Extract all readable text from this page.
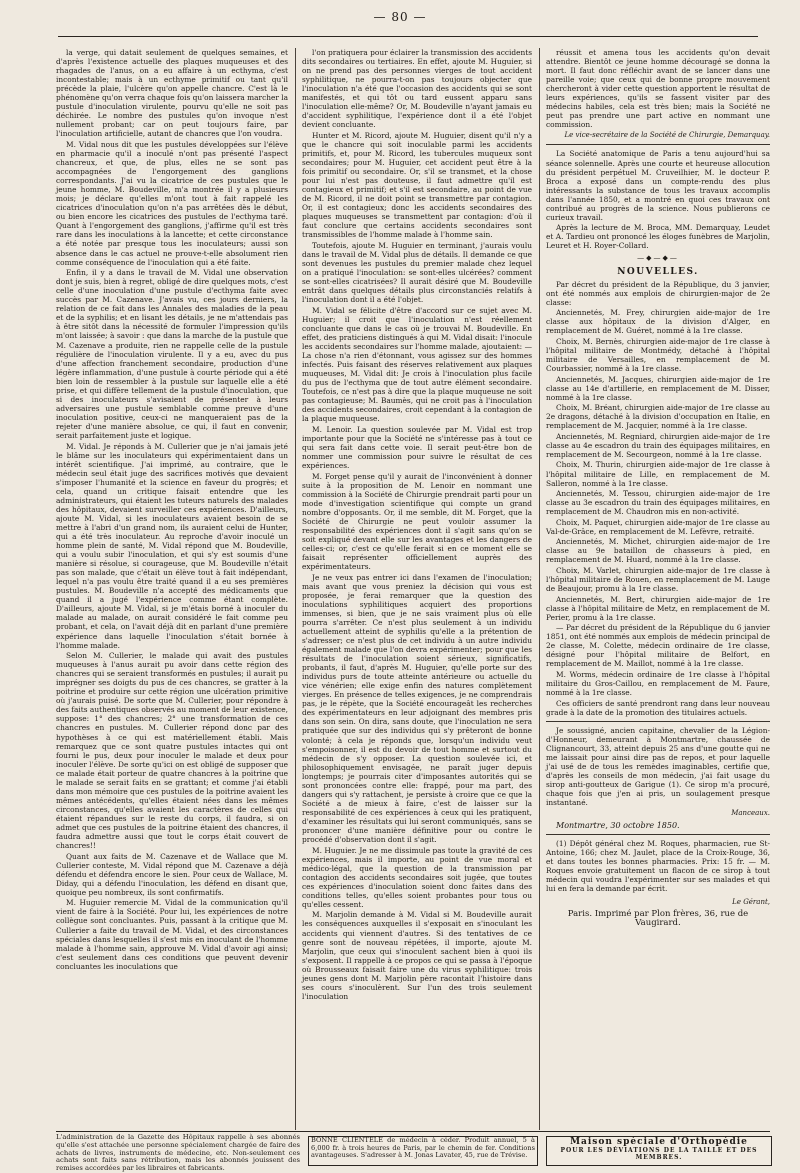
— 80 —

la verge, qui datait seulement de quelques semaines, et d'après l'existence actuelle des plaques muqueuses et des rhagades de l'anus, on a eu affaire à un ecthyma, c'est incontestable; mais à un ecthyme primitif ou tant qu'il précède la plaie, l'ulcère qu'on appelle chancre. C'est là le phénomène qu'on verra chaque fois qu'on laissera marcher la pustule d'inoculation virulente, pourvu qu'elle ne soit pas déchirée. Le nombre des pustules qu'on invoque n'est nullement probant; car on peut toujours faire, par l'inoculation artificielle, autant de chancres que l'on voudra.

M. Vidal nous dit que les pustules développées sur l'élève en pharmacie qu'il a inoculé n'ont pas présenté l'aspect chancreux, et que, de plus, elles ne se sont pas accompagnées de l'engorgement des ganglions correspondants. J'ai vu la cicatrice de ces pustules que le jeune homme, M. Boudeville, m'a montrée il y a plusieurs mois; je déclare qu'elles m'ont tout à fait rappelé les cicatrices d'inoculation qu'on n'a pas arrêtées dès le début, ou bien encore les cicatrices des pustules de l'ecthyma taré. Quant à l'engorgement des ganglions, j'affirme qu'il est très rare dans les inoculations à la lancette; et cette circonstance a été notée par presque tous les inoculateurs; aussi son absence dans le cas actuel ne prouve-t-elle absolument rien comme conséquence de l'inoculation qui a été faite.

Enfin, il y a dans le travail de M. Vidal une observation dont je suis, bien à regret, obligé de dire quelques mots, c'est celle d'une inoculation d'une pustule d'ecthyma faite avec succès par M. Cazenave. J'avais vu, ces jours derniers, la relation de ce fait dans les Annales des maladies de la peau et de la syphilis; et en lisant les détails, je ne m'attendais pas à être sitôt dans la nécessité de formuler l'impression qu'ils m'ont laissée; à savoir : que dans la marche de la pustule que M. Cazenave a produite, rien ne rappelle celle de la pustule régulière de l'inoculation virulente. Il y a eu, avec du pus d'une affection franchement secondaire, production d'une légère inflammation, d'une pustule à courte période qui a été bien loin de ressembler à la pustule sur laquelle elle a été prise, et qui diffère tellement de la pustule d'inoculation, que si des inoculateurs s'avisaient de présenter à leurs adversaires une pustule semblable comme preuve d'une inoculation positive, ceux-ci ne manqueraient pas de la rejeter d'une manière absolue, ce qui, il faut en convenir, serait parfaitement juste et logique.

M. Vidal. Je réponds à M. Cullerier que je n'ai jamais jeté le blâme sur les inoculateurs qui expérimentaient dans un intérêt scientifique. J'ai imprimé, au contraire, que le médecin seul était juge des sacrifices motivés que devaient s'imposer l'humanité et la science en faveur du progrès; et cela, quand un critique faisait entendre que les administrateurs, qui étaient les tuteurs naturels des malades des hôpitaux, devaient surveiller ces expériences. D'ailleurs, ajoute M. Vidal, si les inoculateurs avaient besoin de se mettre à l'abri d'un grand nom, ils auraient celui de Hunter, qui a été très inoculateur. Au reproche d'avoir inoculé un homme plein de santé, M. Vidal répond que M. Boudeville, qui a voulu subir l'inoculation, et qui s'y est soumis d'une manière si résolue, si courageuse, que M. Boudeville n'était pas son malade, que c'était un élève tout à fait indépendant, lequel n'a pas voulu être traité quand il a eu ses premières pustules. M. Boudeville n'a accepté des médicaments que quand il a jugé l'expérience comme étant complète. D'ailleurs, ajoute M. Vidal, si je m'étais borné à inoculer du malade au malade, on aurait considéré le fait comme peu probant, et cela, on l'avait déjà dit en parlant d'une première expérience dans laquelle l'inoculation s'était bornée à l'homme malade.

Selon M. Cullerier, le malade qui avait des pustules muqueuses à l'anus aurait pu avoir dans cette région des chancres qui se seraient transformés en pustules; il aurait pu imprégner ses doigts du pus de ces chancres, se gratter à la poitrine et produire sur cette région une ulcération primitive où j'aurais puisé. De sorte que M. Cullerier, pour répondre à des faits authentiques observés au moment de leur existence, suppose: 1° des chancres; 2° une transformation de ces chancres en pustules. M. Cullerier répond donc par des hypothèses à ce qui est matériellement établi. Mais remarquez que ce sont quatre pustules intactes qui ont fourni le pus, deux pour inoculer le malade et deux pour inoculer l'élève. De sorte qu'ici on est obligé de supposer que ce malade était porteur de quatre chancres à la poitrine que le malade se serait faits en se grattant; et comme j'ai établi dans mon mémoire que ces pustules de la poitrine avaient les mêmes antécédents, qu'elles étaient nées dans les mêmes circonstances, qu'elles avaient les caractères de celles qui étaient répandues sur le reste du corps, il faudra, si on admet que ces pustules de la poitrine étaient des chancres, il faudra admettre aussi que tout le corps était couvert de chancres!!

Quant aux faits de M. Cazenave et de Wallace que M. Cullerier conteste, M. Vidal répond que M. Cazenave a déjà défendu et défendra encore le sien. Pour ceux de Wallace, M. Diday, qui a défendu l'inoculation, les défend en disant que, quoique peu nombreux, ils sont confirmatifs.

M. Huguier remercie M. Vidal de la communication qu'il vient de faire à la Société. Pour lui, les expériences de notre collègue sont concluantes. Puis, passant à la critique que M. Cullerier a faite du travail de M. Vidal, et des circonstances spéciales dans lesquelles il s'est mis en inoculant de l'homme malade à l'homme sain, approuve M. Vidal d'avoir agi ainsi; c'est seulement dans ces conditions que peuvent devenir concluantes les inoculations que

l'on pratiquera pour éclairer la transmission des accidents dits secondaires ou tertiaires. En effet, ajoute M. Huguier, si on ne prend pas des personnes vierges de tout accident syphilitique, ne pourra-t-on pas toujours objecter que l'inoculation n'a été que l'occasion des accidents qui se sont manifestés, et qui tôt ou tard eussent apparu sans l'inoculation elle-même? Or, M. Boudeville n'ayant jamais eu d'accident syphilitique, l'expérience dont il a été l'objet devient concluante.

Hunter et M. Ricord, ajoute M. Huguier, disent qu'il n'y a que le chancre qui soit inoculable parmi les accidents primitifs, et, pour M. Ricord, les tubercules muqueux sont secondaires; pour M. Huguier, cet accident peut être à la fois primitif ou secondaire. Or, s'il se transmet, et la chose pour lui n'est pas douteuse, il faut admettre qu'il est contagieux et primitif; et s'il est secondaire, au point de vue de M. Ricord, il ne doit point se transmettre par contagion. Or, il est contagieux; donc les accidents secondaires des plaques muqueuses se transmettent par contagion: d'où il faut conclure que certains accidents secondaires sont transmissibles de l'homme malade à l'homme sain.

Toutefois, ajoute M. Huguier en terminant, j'aurais voulu dans le travail de M. Vidal plus de détails. Il demande ce que sont devenues les pustules du premier malade chez lequel on a pratiqué l'inoculation: se sont-elles ulcérées? comment se sont-elles cicatrisées? Il aurait désiré que M. Boudeville entrât dans quelques détails plus circonstanciés relatifs à l'inoculation dont il a été l'objet.

M. Vidal se félicite d'être d'accord sur ce sujet avec M. Huguier; il croit que l'inoculation n'est réellement concluante que dans le cas où je trouvai M. Boudeville. En effet, des praticiens distingués à qui M. Vidal disait: l'inocule les accidents secondaires sur l'homme malade, ajoutaient: — La chose n'a rien d'étonnant, vous agissez sur des hommes infectés. Puis faisant des réserves relativement aux plaques muqueuses, M. Vidal dit: Je crois à l'inoculation plus facile du pus de l'ecthyma que de tout autre élément secondaire. Toutefois, ce n'est pas à dire que la plaque muqueuse ne soit pas contagieuse; M. Baumès, qui ne croit pas à l'inoculation des accidents secondaires, croit cependant à la contagion de la plaque muqueuse.

M. Lenoir. La question soulevée par M. Vidal est trop importante pour que la Société ne s'intéresse pas à tout ce qui sera fait dans cette voie. Il serait peut-être bon de nommer une commission pour suivre le résultat de ces expériences.

M. Forget pense qu'il y aurait de l'inconvénient à donner suite à la proposition de M. Lenoir en nommant une commission à la Société de Chirurgie prendrait parti pour un mode d'investigation scientifique qui compte un grand nombre d'opposants. Or, il me semble, dit M. Forget, que la Société de Chirurgie ne peut vouloir assumer la responsabilité des expériences dont il s'agit sans qu'on se soit expliqué devant elle sur les avantages et les dangers de celles-ci; or, c'est ce qu'elle ferait si en ce moment elle se faisait représenter officiellement auprès des expérimentateurs.

Je ne veux pas entrer ici dans l'examen de l'inoculation; mais avant que vous preniez la décision qui vous est proposée, je ferai remarquer que la question des inoculations syphilitiques acquiert des proportions immenses, si bien, que je ne sais vraiment plus où elle pourra s'arrêter. Ce n'est plus seulement à un individu actuellement atteint de syphilis qu'elle a la prétention de s'adresser; ce n'est plus de cet individu à un autre individu également malade que l'on devra expérimenter; pour que les résultats de l'inoculation soient sérieux, significatifs, probants, il faut, d'après M. Huguier, qu'elle porte sur des individus purs de toute atteinte antérieure ou actuelle du vice vénérien; elle exige enfin des natures complètement vierges. En présence de telles exigences, je ne comprendrais pas, je le répète, que la Société encourageât les recherches des expérimentateurs en leur adjoignant des membres pris dans son sein. On dira, sans doute, que l'inoculation ne sera pratiquée que sur des individus qui s'y prêteront de bonne volonté; à cela je réponds que, lorsqu'un individu veut s'empoisonner, il est du devoir de tout homme et surtout du médecin de s'y opposer. La question soulevée ici, et philosophiquement envisagée, ne paraît juger depuis longtemps; je pourrais citer d'imposantes autorités qui se sont prononcées contre elle: frappé, pour ma part, des dangers qui s'y rattachent, je persiste à croire que ce que la Société a de mieux à faire, c'est de laisser sur la responsabilité de ces expériences à ceux qui les pratiquent, d'examiner les résultats qui lui seront communiqués, sans se prononcer d'une manière définitive pour ou contre le procédé d'observation dont il s'agit.

M. Huguier. Je ne me dissimule pas toute la gravité de ces expériences, mais il importe, au point de vue moral et médico-légal, que la question de la transmission par contagion des accidents secondaires soit jugée, que toutes ces expériences d'inoculation soient donc faites dans des conditions telles, qu'elles soient probantes pour tous ou qu'elles cessent.

M. Marjolin demande à M. Vidal si M. Boudeville aurait les conséquences auxquelles il s'exposait en s'inoculant les accidents qui viennent d'autres. Si des tentatives de ce genre sont de nouveau répétées, il importe, ajoute M. Marjolin, que ceux qui s'inoculent sachent bien à quoi ils s'exposent. Il rappelle à ce propos ce qui se passa à l'époque où Brousseaux faisait faire une du virus syphilitique: trois jeunes gens dont M. Marjolin père racontait l'histoire dans ses cours s'inoculèrent. Sur l'un des trois seulement l'inoculation

réussit et amena tous les accidents qu'on devait attendre. Bientôt ce jeune homme découragé se donna la mort. Il faut donc réfléchir avant de se lancer dans une pareille voie; que ceux qui de bonne propre mouvement chercheront à vider cette question apportent le résultat de leurs expériences, qu'ils se fassent visiter par des médecins habiles, cela est très bien; mais la Société ne peut pas prendre une part active en nommant une commission.

Le vice-secrétaire de la Société de Chirurgie, Demarquay.

La Société anatomique de Paris a tenu aujourd'hui sa séance solennelle. Après une courte et heureuse allocution du président perpétuel M. Cruveilhier, M. le docteur P. Broca a exposé dans un compte-rendu des plus intéressants la substance de tous les travaux accomplis dans l'année 1850, et a montré en quoi ces travaux ont contribué au progrès de la science. Nous publierons ce curieux travail.

Après la lecture de M. Broca, MM. Demarquay, Leudet et A. Tardieu ont prononcé les éloges funèbres de Marjolin, Leuret et H. Royer-Collard.

—◆—◆—
NOUVELLES.

Par décret du président de la République, du 3 janvier, ont été nommés aux emplois de chirurgien-major de 2e classe:

Anciennetés, M. Frey, chirurgien aide-major de 1re classe aux hôpitaux de la division d'Alger, en remplacement de M. Guéret, nommé à la 1re classe.

Choix, M. Bernès, chirurgien aide-major de 1re classe à l'hôpital militaire de Montmédy, détaché à l'hôpital militaire de Versailles, en remplacement de M. Courbassier, nommé à la 1re classe.

Anciennetés, M. Jacques, chirurgien aide-major de 1re classe au 14e d'artillerie, en remplacement de M. Disser, nommé à la 1re classe.

Choix, M. Bréant, chirurgien aide-major de 1re classe au 2e dragons, détaché à la division d'occupation en Italie, en remplacement de M. Jacquier, nommé à la 1re classe.

Anciennetés, M. Regniard, chirurgien aide-major de 1re classe au 4e escadron du train des équipages militaires, en remplacement de M. Secourgeon, nommé à la 1re classe.

Choix, M. Thurin, chirurgien aide-major de 1re classe à l'hôpital militaire de Lille, en remplacement de M. Salleron, nommé à la 1re classe.

Anciennetés, M. Tessou, chirurgien aide-major de 1re classe au 3e escadron du train des équipages militaires, en remplacement de M. Chaudron mis en non-activité.

Choix, M. Paquet, chirurgien aide-major de 1re classe au Val-de-Grâce, en remplacement de M. Lefèvre, retraité.

Anciennetés, M. Michet, chirurgien aide-major de 1re classe au 9e bataillon de chasseurs à pied, en remplacement de M. Huard, nommé à la 1re classe.

Choix, M. Varlet, chirurgien aide-major de 1re classe à l'hôpital militaire de Rouen, en remplacement de M. Lauge de Beaujour, promu à la 1re classe.

Anciennetés, M. Bert, chirurgien aide-major de 1re classe à l'hôpital militaire de Metz, en remplacement de M. Perier, promu à la 1re classe.

— Par décret du président de la République du 6 janvier 1851, ont été nommés aux emplois de médecin principal de 2e classe, M. Colette, médecin ordinaire de 1re classe, désigné pour l'hôpital militaire de Belfort, en remplacement de M. Maillot, nommé à la 1re classe.

M. Worms, médecin ordinaire de 1re classe à l'hôpital militaire du Gros-Caillou, en remplacement de M. Faure, nommé à la 1re classe.

Ces officiers de santé prendront rang dans leur nouveau grade à la date de la promotion des titulaires actuels.

Je soussigné, ancien capitaine, chevalier de la Légion-d'Honneur, demeurant à Montmartre, chaussée de Clignancourt, 33, atteint depuis 25 ans d'une goutte qui ne me laissait pour ainsi dire pas de repos, et pour laquelle j'ai usé de de tous les remèdes imaginables, certifie que, d'après les conseils de mon médecin, j'ai fait usage du sirop anti-goutteux de Garigue (1). Ce sirop m'a procuré, chaque fois que j'en ai pris, un soulagement presque instantané.

Manceaux.

Montmartre, 30 octobre 1850.

(1) Dépôt général chez M. Roques, pharmacien, rue St-Antoine, 166; chez M. Jaulet, place de la Croix-Rouge, 36, et dans toutes les bonnes pharmacies. Prix: 15 fr. — M. Roques envoie gratuitement un flacon de ce sirop à tout médecin qui voudra l'expérimenter sur ses malades et qui lui en fera la demande par écrit.

Le Gérant,
Paris. Imprimé par Plon frères, 36, rue de Vaugirard.
L'administration de la Gazette des Hôpitaux rappelle à ses abonnés qu'elle s'est attachée une personne spécialement chargée de faire des achats de livres, instruments de médecine, etc. Non-seulement ces achats sont faits sans rétribution, mais les abonnés jouissent des remises accordées par les libraires et fabricants.
BONNE CLIENTÈLE de médecin à céder. Produit annuel, 5 à 6,000 fr. à trois heures de Paris, par le chemin de fer. Conditions avantageuses. S'adresser à M. Jonas Lavater, 45, rue de Trévise.
Maison spéciale d'Orthopédie
POUR LES DÉVIATIONS DE LA TAILLE ET DES MEMBRES.
